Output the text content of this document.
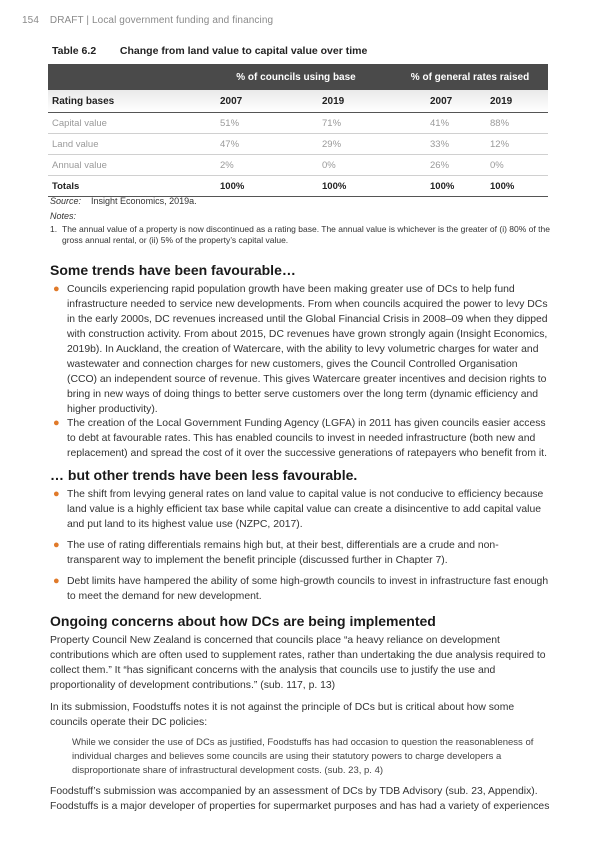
154 DRAFT | Local government funding and financing
Table 6.2 Change from land value to capital value over time
	% of councils using base		% of general rates raised	
Rating bases	2007	2019	2007	2019
Capital value	51%	71%	41%	88%
Land value	47%	29%	33%	12%
Annual value	2%	0%	26%	0%
Totals	100%	100%	100%	100%
Source: Insight Economics, 2019a.
Notes:
1. The annual value of a property is now discontinued as a rating base. The annual value is whichever is the greater of (i) 80% of the
gross annual rental, or (ii) 5% of the property’s capital value.
Some trends have been favourable…
● Councils experiencing rapid population growth have been making greater use of DCs to help fund infrastructure needed to service new developments. From when councils acquired the power to levy DCs in the early 2000s, DC revenues increased until the Global Financial Crisis in 2008–09 when they dipped with construction activity. From about 2015, DC revenues have grown strongly again (Insight Economics, 2019b). In Auckland, the creation of Watercare, with the ability to levy volumetric charges for water and wastewater and connection charges for new customers, gives the Council Controlled Organisation (CCO) an independent source of revenue. This gives Watercare greater incentives and decision rights to bring in new ways of doing things to better serve customers over the long term (dynamic efficiency and higher productivity).
● The creation of the Local Government Funding Agency (LGFA) in 2011 has given councils easier access to debt at favourable rates. This has enabled councils to invest in needed infrastructure (both new and replacement) and spread the cost of it over the successive generations of ratepayers who benefit from it.
… but other trends have been less favourable.
● The shift from levying general rates on land value to capital value is not conducive to efficiency because land value is a highly efficient tax base while capital value can create a disincentive to add capital value and put land to its highest value use (NZPC, 2017).
● The use of rating differentials remains high but, at their best, differentials are a crude and non-transparent way to implement the benefit principle (discussed further in Chapter 7).
● Debt limits have hampered the ability of some high-growth councils to invest in infrastructure fast enough to meet the demand for new development.
Ongoing concerns about how DCs are being implemented
Property Council New Zealand is concerned that councils place “a heavy reliance on development contributions which are often used to supplement rates, rather than undertaking the due analysis required to collect them.” It “has significant concerns with the analysis that councils use to justify the use and proportionality of development contributions.” (sub. 117, p. 13)
In its submission, Foodstuffs notes it is not against the principle of DCs but is critical about how some councils operate their DC policies:
While we consider the use of DCs as justified, Foodstuffs has had occasion to question the reasonableness of individual charges and believes some councils are using their statutory powers to charge developers a disproportionate share of infrastructural development costs. (sub. 23, p. 4)
Foodstuff’s submission was accompanied by an assessment of DCs by TDB Advisory (sub. 23, Appendix). Foodstuffs is a major developer of properties for supermarket purposes and has had a variety of experiences
